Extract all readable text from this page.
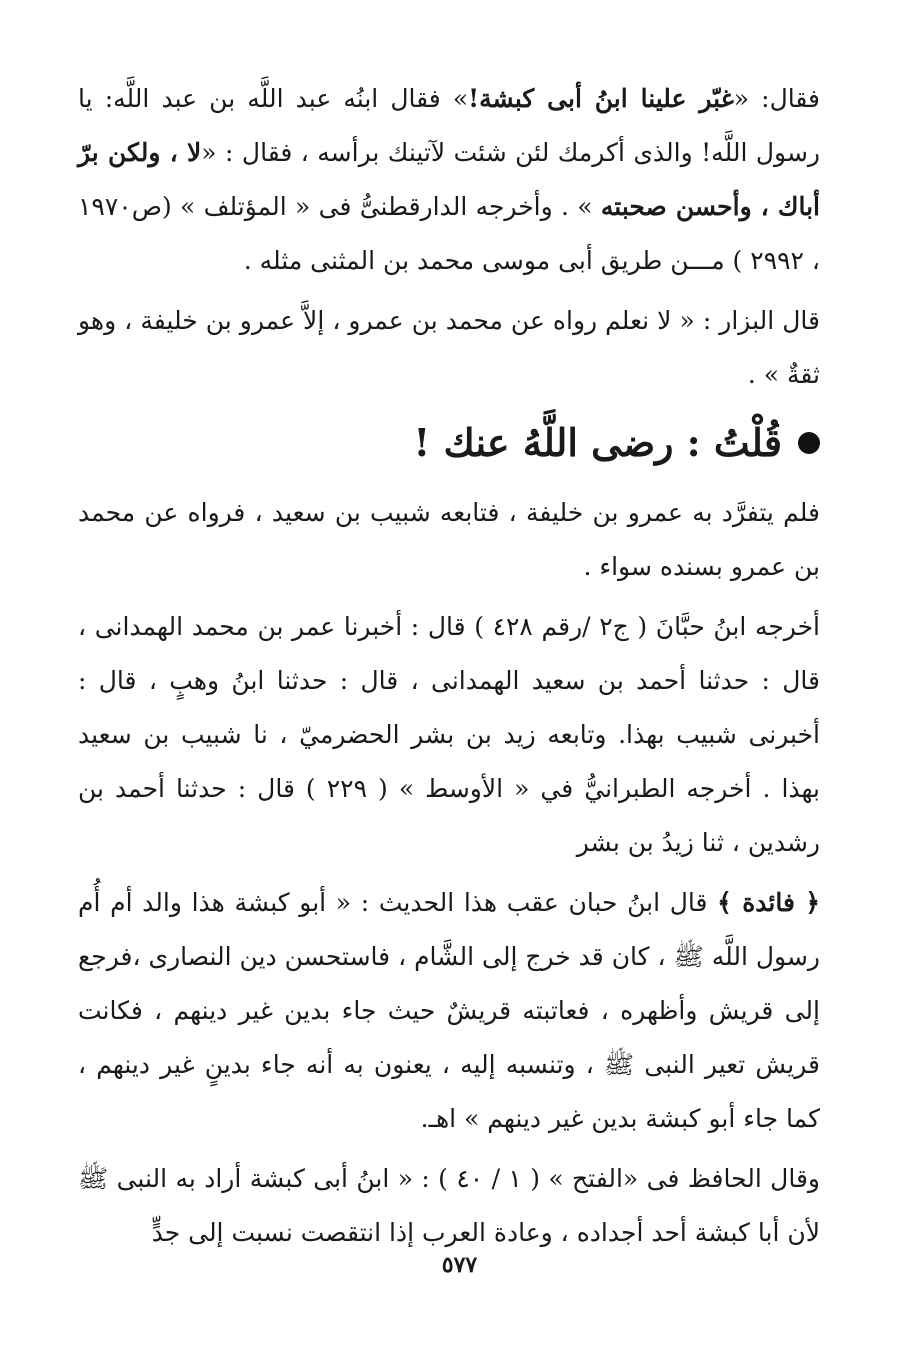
فقال: «غبّر علينا ابنُ أبى كبشة!» فقال ابنُه عبد اللَّه بن عبد اللَّه: يا رسول اللَّه! والذى أكرمك لئن شئت لآتينك برأسه ، فقال : «لا ، ولكن برّ أباك ، وأحسن صحبته » . وأخرجه الدارقطنىُّ فى « المؤتلف » (ص١٩٧٠ ، ٢٩٩٢ ) مـــن طريق أبى موسى محمد بن المثنى مثله .

قال البزار : « لا نعلم رواه عن محمد بن عمرو ، إلاَّ عمرو بن خليفة ، وهو ثقةٌ » .

قُلْتُ : رضى اللَّهُ عنك !

فلم يتفرَّد به عمرو بن خليفة ، فتابعه شبيب بن سعيد ، فرواه عن محمد بن عمرو بسنده سواء .

أخرجه ابنُ حبَّانَ ( ج٢ /رقم ٤٢٨ ) قال : أخبرنا عمر بن محمد الهمدانى ، قال : حدثنا أحمد بن سعيد الهمدانى ، قال : حدثنا ابنُ وهبٍ ، قال : أخبرنى شبيب بهذا. وتابعه زيد بن بشر الحضرميّ ، نا شبيب بن سعيد بهذا . أخرجه الطبرانيُّ في « الأوسط » ( ٢٢٩ ) قال : حدثنا أحمد بن رشدين ، ثنا زيدُ بن بشر

﴿ فائدة ﴾ قال ابنُ حبان عقب هذا الحديث : « أبو كبشة هذا والد أم أُم رسول اللَّه ﷺ ، كان قد خرج إلى الشَّام ، فاستحسن دين النصارى ،فرجع إلى قريش وأظهره ، فعاتبته قريشٌ حيث جاء بدين غير دينهم ، فكانت قريش تعير النبى ﷺ ، وتنسبه إليه ، يعنون به أنه جاء بدينٍ غير دينهم ، كما جاء أبو كبشة بدين غير دينهم » اهـ.

وقال الحافظ فى «الفتح » ( ١ / ٤٠ ) : « ابنُ أبى كبشة أراد به النبى ﷺ لأن أبا كبشة أحد أجداده ، وعادة العرب إذا انتقصت نسبت إلى جدٍّ

٥٧٧
